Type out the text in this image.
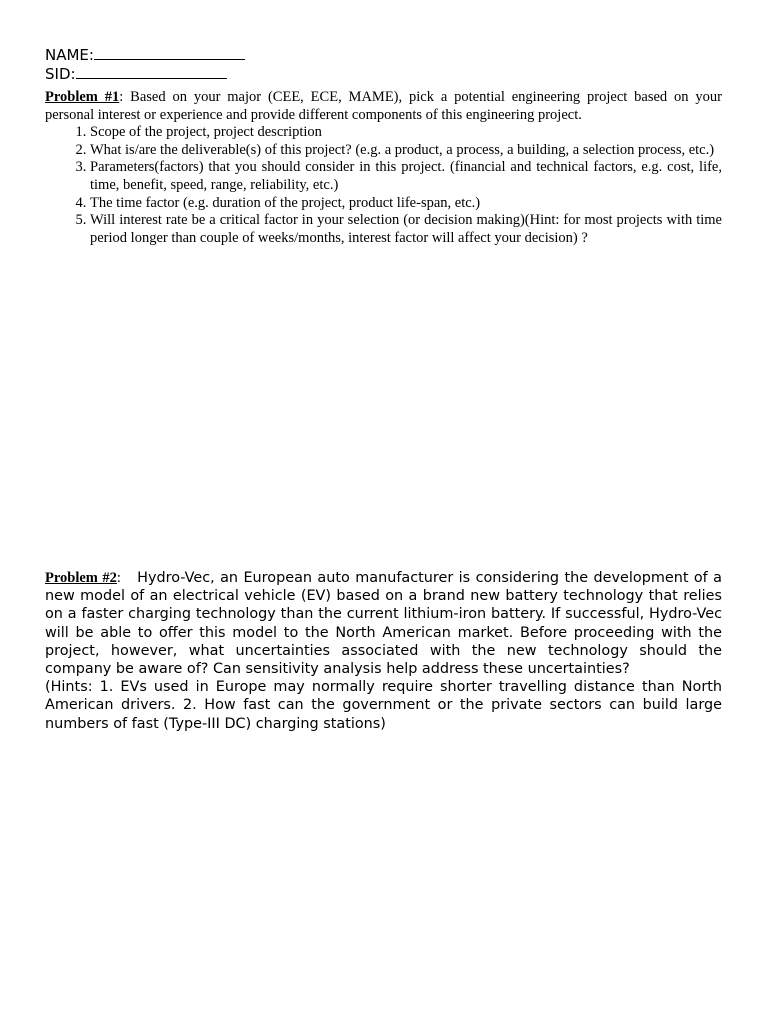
NAME:
SID:

Problem #1: Based on your major (CEE, ECE, MAME), pick a potential engineering project based on your personal interest or experience and provide different components of this engineering project.

1. Scope of the project, project description
2. What is/are the deliverable(s) of this project? (e.g. a product, a process, a building, a selection process, etc.)
3. Parameters(factors) that you should consider in this project. (financial and technical factors, e.g. cost, life, time, benefit, speed, range, reliability, etc.)
4. The time factor (e.g. duration of the project, product life-span, etc.)
5. Will interest rate be a critical factor in your selection (or decision making)(Hint: for most projects with time period longer than couple of weeks/months, interest factor will affect your decision) ?

Problem #2: Hydro-Vec, an European auto manufacturer is considering the development of a new model of an electrical vehicle (EV) based on a brand new battery technology that relies on a faster charging technology than the current lithium-iron battery. If successful, Hydro-Vec will be able to offer this model to the North American market. Before proceeding with the project, however, what uncertainties associated with the new technology should the company be aware of? Can sensitivity analysis help address these uncertainties?

(Hints: 1. EVs used in Europe may normally require shorter travelling distance than North American drivers. 2. How fast can the government or the private sectors can build large numbers of fast (Type-III DC) charging stations)
